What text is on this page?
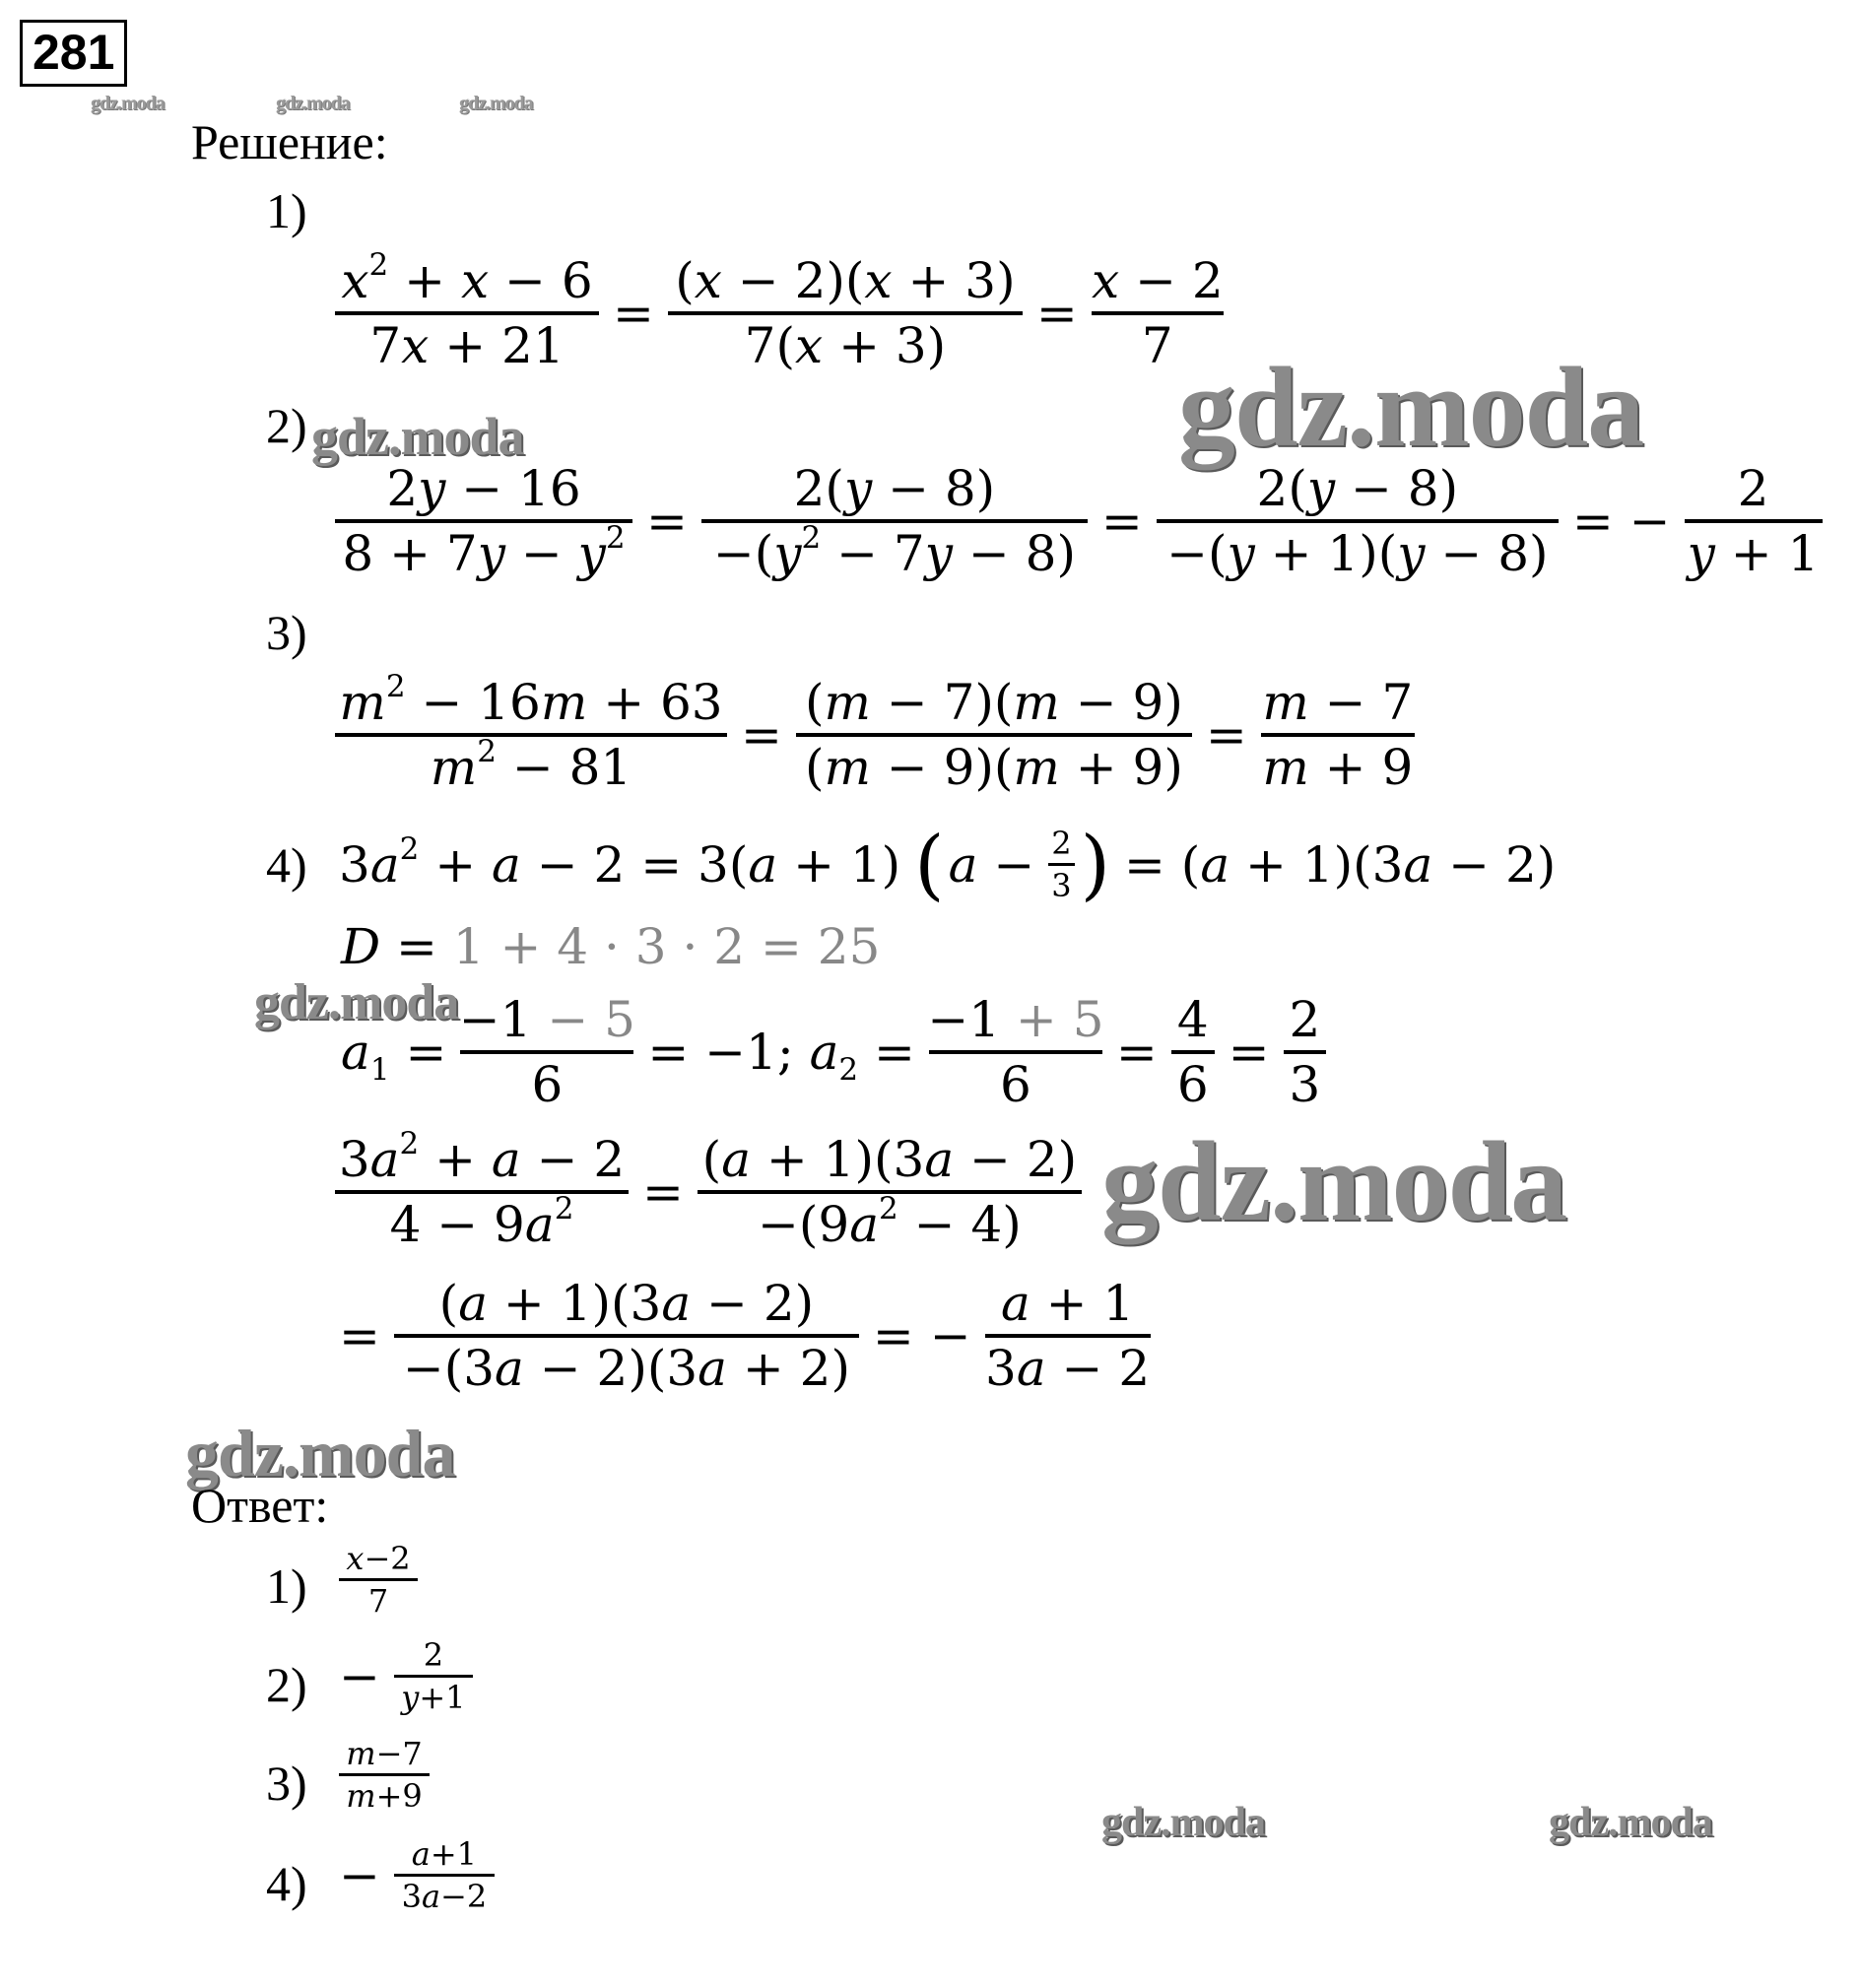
281
gdz.moda	gdz.moda	gdz.moda
Решение:
1)
$\frac{x^2 + x - 6}{7x + 21} = \frac{(x - 2)(x + 3)}{7(x + 3)} = \frac{x - 2}{7}$
gdz.moda
2) gdz.moda
$\frac{2y - 16}{8 + 7y - y^2} = \frac{2(y - 8)}{-(y^2 - 7y - 8)} = \frac{2(y - 8)}{-(y + 1)(y - 8)}$ = − $\frac{2}{y + 1}$
3)
$\frac{m^2 - 16m + 63}{m^2 - 81} = \frac{(m - 7)(m - 9)}{(m - 9)(m + 9)} = \frac{m - 7}{m + 9}$
4) $3a^2 + a - 2 = 3(a + 1)$ ( $a - \frac{2}{3}$ ) = (a + 1)(3a − 2)
D = 1 + 4 · 3 · 2 = 25
gdz.moda
$a_1 = \frac{-1 - 5}{6} = -1$; $a_2 = \frac{-1 + 5}{6} = \frac{4}{6} = \frac{2}{3}$
$\frac{3a^2 + a - 2}{4 - 9a^2} = \frac{(a + 1)(3a - 2)}{-(9a^2 - 4)}$ gdz.moda
= $\frac{(a + 1)(3a - 2)}{-(3a - 2)(3a + 2)}$ = − $\frac{a + 1}{3a - 2}$
gdz.moda
Ответ:
$1) \frac{x-2}{7}$
$2) - \frac{2}{y+1}$
$3) \frac{m-7}{m+9}$
$4) - \frac{a+1}{3a-2}$
gdz.moda	gdz.moda
